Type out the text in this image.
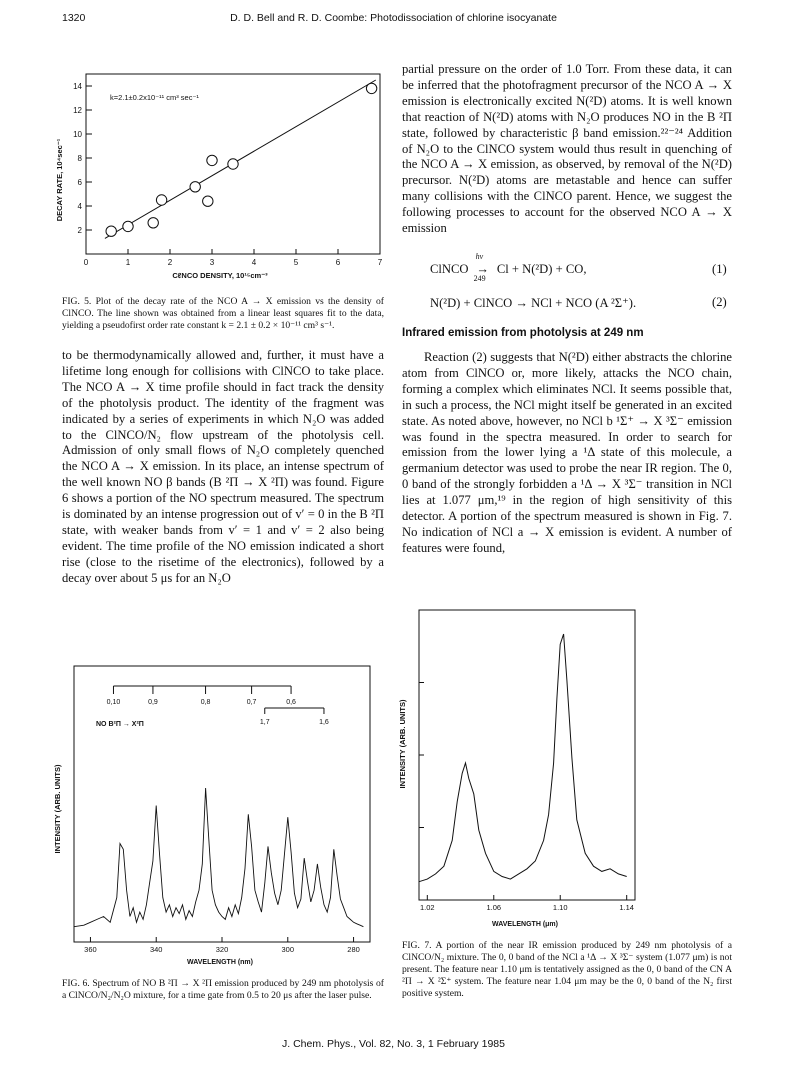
1320	D. D. Bell and R. D. Coombe: Photodissociation of chlorine isocyanate
0	1	2	3	4	5	6	7
2
4
6
8
10
12
14
k=2.1±0.2x10⁻¹¹ cm³ sec⁻¹
CℓNCO DENSITY, 10¹⁵cm⁻³
DECAY RATE, 10⁴sec⁻¹
FIG. 5. Plot of the decay rate of the NCO A → X emission vs the density of ClNCO. The line shown was obtained from a linear least squares fit to the data, yielding a pseudofirst order rate constant k = 2.1 ± 0.2 × 10⁻¹¹ cm³ s⁻¹.

to be thermodynamically allowed and, further, it must have a lifetime long enough for collisions with ClNCO to take place. The NCO A → X time profile should in fact track the density of the photolysis product. The identity of the fragment was indicated by a series of experiments in which N₂O was added to the ClNCO/N₂ flow upstream of the photolysis cell. Admission of only small flows of N₂O completely quenched the NCO A → X emission. In its place, an intense spectrum of the well known NO β bands (B ²Π → X ²Π) was found. Figure 6 shows a portion of the NO spectrum measured. The spectrum is dominated by an intense progression out of v′ = 0 in the B ²Π state, with weaker bands from v′ = 1 and v′ = 2 also being evident. The time profile of the NO emission indicated a short rise (close to the risetime of the electronics), followed by a decay over about 5 μs for an N₂O

partial pressure on the order of 1.0 Torr. From these data, it can be inferred that the photofragment precursor of the NCO A → X emission is electronically excited N(²D) atoms. It is well known that reaction of N(²D) atoms with N₂O produces NO in the B ²Π state, followed by characteristic β band emission.²²⁻²⁴ Addition of N₂O to the ClNCO system would thus result in quenching of the NCO A → X emission, as observed, by removal of the N(²D) precursor. N(²D) atoms are metastable and hence can suffer many collisions with the ClNCO parent. Hence, we suggest the following processes to account for the observed NCO A → X emission

ClNCO
hν
→
249
Cl + N(²D) + CO,	(1)
N(²D) + ClNCO → NCl + NCO (A ²Σ⁺).	(2)
Infrared emission from photolysis at 249 nm

Reaction (2) suggests that N(²D) either abstracts the chlorine atom from ClNCO or, more likely, attacks the NCO chain, forming a complex which eliminates NCl. It seems possible that, in such a process, the NCl might itself be generated in an excited state. As noted above, however, no NCl b ¹Σ⁺ → X ³Σ⁻ emission was found in the spectra measured. In order to search for emission from the lower lying a ¹Δ state of this molecule, a germanium detector was used to probe the near IR region. The 0, 0 band of the strongly forbidden a ¹Δ → X ³Σ⁻ transition in NCl lies at 1.077 μm,¹⁹ in the region of high sensitivity of this detector. A portion of the spectrum measured is shown in Fig. 7. No indication of NCl a → X emission is evident. A number of features were found,

360	340	320	300	280
0,10	0,9	0,8	0,7	0,6
1,7	1,6
INTENSITY (ARB. UNITS)
WAVELENGTH (nm)
NO B²Π → X²Π
FIG. 6. Spectrum of NO B ²Π → X ²Π emission produced by 249 nm photolysis of a ClNCO/N₂/N₂O mixture, for a time gate from 0.5 to 20 μs after the laser pulse.
1.02	1.06	1.10	1.14
INTENSITY (ARB. UNITS)
WAVELENGTH (μm)
FIG. 7. A portion of the near IR emission produced by 249 nm photolysis of a ClNCO/N₂ mixture. The 0, 0 band of the NCl a ¹Δ → X ³Σ⁻ system (1.077 μm) is not present. The feature near 1.10 μm is tentatively assigned as the 0, 0 band of the CN A ²Π → X ²Σ⁺ system. The feature near 1.04 μm may be the 0, 0 band of the N₂ first positive system.
J. Chem. Phys., Vol. 82, No. 3, 1 February 1985
